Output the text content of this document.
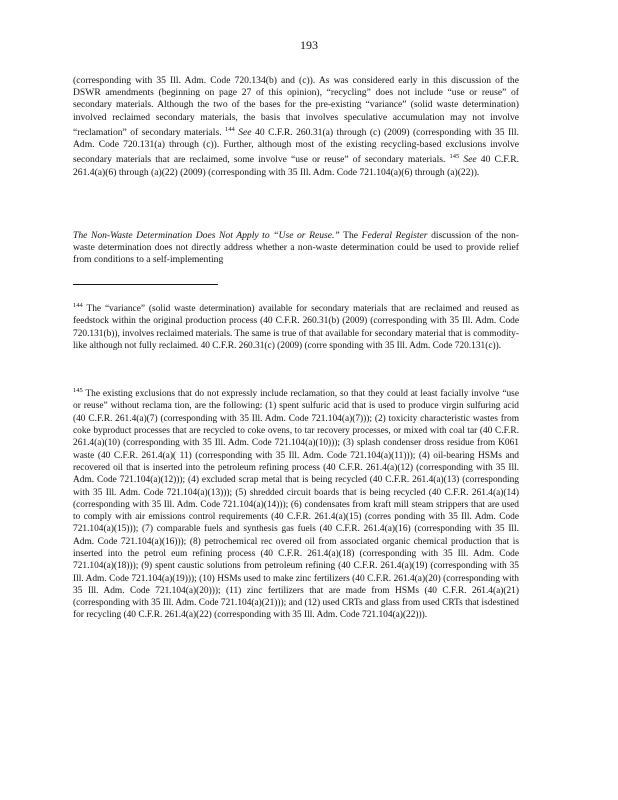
193
(corresponding with 35 Ill. Adm. Code 720.134(b) and (c)). As was considered early in this discussion of the DSWR amendments (beginning on page 27 of this opinion), “recycling” does not include “use or reuse” of secondary materials. Although the two of the bases for the pre-existing “variance” (solid waste determination) involved reclaimed secondary materials, the basis that involves speculative accumulation may not involve “reclamation” of secondary materials. $^{144}$ See 40 C.F.R. 260.31(a) through (c) (2009) (corresponding with 35 Ill. Adm. Code 720.131(a) through (c)). Further, although most of the existing recycling-based exclusions involve secondary materials that are reclaimed, some involve “use or reuse” of secondary materials. $^{145}$ See 40 C.F.R. 261.4(a)(6) through (a)(22) (2009) (corresponding with 35 Ill. Adm. Code 721.104(a)(6) through (a)(22)).
The Non-Waste Determination Does Not Apply to “Use or Reuse.” The Federal Register discussion of the non-waste determination does not directly address whether a non-waste determination could be used to provide relief from conditions to a self-implementing
$^{144}$ The “variance” (solid waste determination) available for secondary materials that are reclaimed and reused as feedstock within the original production process (40 C.F.R. 260.31(b) (2009) (corresponding with 35 Ill. Adm. Code 720.131(b)), involves reclaimed materials. The same is true of that available for secondary material that is commodity-like although not fully reclaimed. 40 C.F.R. 260.31(c) (2009) (corre sponding with 35 Ill. Adm. Code 720.131(c)).
$^{145}$ The existing exclusions that do not expressly include reclamation, so that they could at least facially involve “use or reuse” without reclama tion, are the following: (1) spent sulfuric acid that is used to produce virgin sulfuring acid (40 C.F.R. 261.4(a)(7) (corresponding with 35 Ill. Adm. Code 721.104(a)(7))); (2) toxicity characteristic wastes from coke byproduct processes that are recycled to coke ovens, to tar recovery processes, or mixed with coal tar (40 C.F.R. 261.4(a)(10) (corresponding with 35 Ill. Adm. Code 721.104(a)(10))); (3) splash condenser dross residue from K061 waste (40 C.F.R. 261.4(a)( 11) (corresponding with 35 Ill. Adm. Code 721.104(a)(11))); (4) oil-bearing HSMs and recovered oil that is inserted into the petroleum refining process (40 C.F.R. 261.4(a)(12) (corresponding with 35 Ill. Adm. Code 721.104(a)(12))); (4) excluded scrap metal that is being recycled (40 C.F.R. 261.4(a)(13) (corresponding with 35 Ill. Adm. Code 721.104(a)(13))); (5) shredded circuit boards that is being recycled (40 C.F.R. 261.4(a)(14) (corresponding with 35 Ill. Adm. Code 721.104(a)(14))); (6) condensates from kraft mill steam strippers that are used to comply with air emissions control requirements (40 C.F.R. 261.4(a)(15) (corres ponding with 35 Ill. Adm. Code 721.104(a)(15))); (7) comparable fuels and synthesis gas fuels (40 C.F.R. 261.4(a)(16) (corresponding with 35 Ill. Adm. Code 721.104(a)(16))); (8) petrochemical rec overed oil from associated organic chemical production that is inserted into the petrol eum refining process (40 C.F.R. 261.4(a)(18) (corresponding with 35 Ill. Adm. Code 721.104(a)(18))); (9) spent caustic solutions from petroleum refining (40 C.F.R. 261.4(a)(19) (corresponding with 35 Ill. Adm. Code 721.104(a)(19))); (10) HSMs used to make zinc fertilizers (40 C.F.R. 261.4(a)(20) (corresponding with 35 Ill. Adm. Code 721.104(a)(20))); (11) zinc fertilizers that are made from HSMs (40 C.F.R. 261.4(a)(21) (corresponding with 35 Ill. Adm. Code 721.104(a)(21))); and (12) used CRTs and glass from used CRTs that isdestined for recycling (40 C.F.R. 261.4(a)(22) (corresponding with 35 Ill. Adm. Code 721.104(a)(22))).
